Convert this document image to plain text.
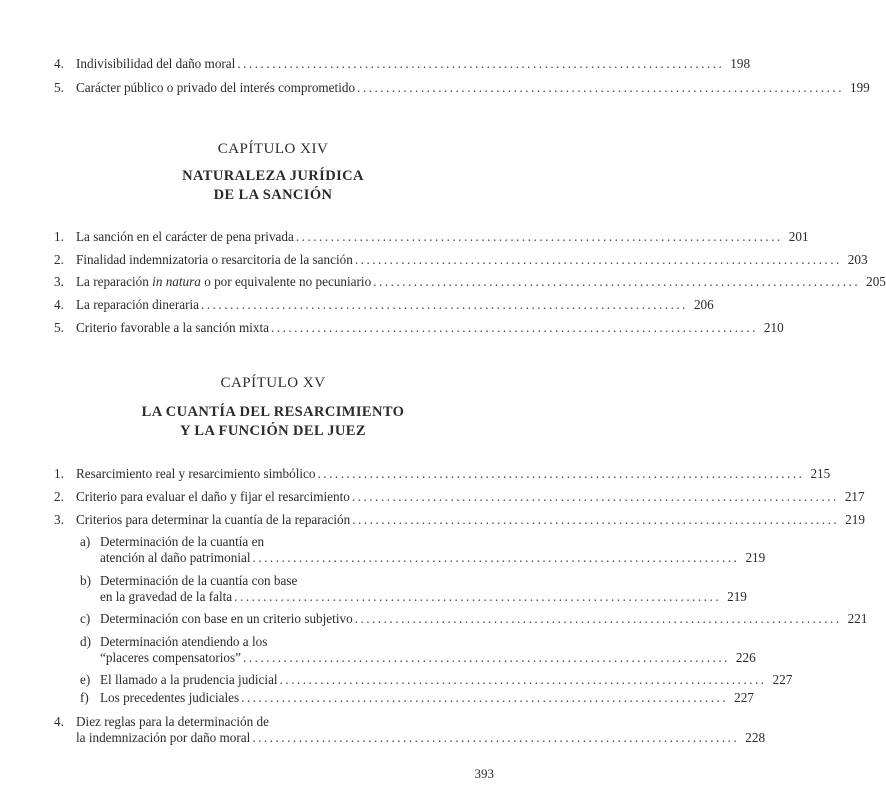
4. Indivisibilidad del daño moral .................................................................................... 198
5. Carácter público o privado del interés comprometido .................................................................................... 199
CAPÍTULO XIV
NATURALEZA JURÍDICA
DE LA SANCIÓN
1. La sanción en el carácter de pena privada .................................................................................... 201
2. Finalidad indemnizatoria o resarcitoria de la sanción .................................................................................... 203
3. La reparación in natura o por equivalente no pecuniario .................................................................................... 205
4. La reparación dineraria .................................................................................... 206
5. Criterio favorable a la sanción mixta .................................................................................... 210
CAPÍTULO XV
LA CUANTÍA DEL RESARCIMIENTO
Y LA FUNCIÓN DEL JUEZ
1. Resarcimiento real y resarcimiento simbólico .................................................................................... 215
2. Criterio para evaluar el daño y fijar el resarcimiento .................................................................................... 217
3. Criterios para determinar la cuantía de la reparación .................................................................................... 219
a) Determinación de la cuantía en
atención al daño patrimonial .................................................................................... 219
b) Determinación de la cuantía con base
en la gravedad de la falta .................................................................................... 219
c) Determinación con base en un criterio subjetivo .................................................................................... 221
d) Determinación atendiendo a los
“placeres compensatorios” .................................................................................... 226
e) El llamado a la prudencia judicial .................................................................................... 227
f) Los precedentes judiciales .................................................................................... 227
4. Diez reglas para la determinación de
la indemnización por daño moral .................................................................................... 228
393
